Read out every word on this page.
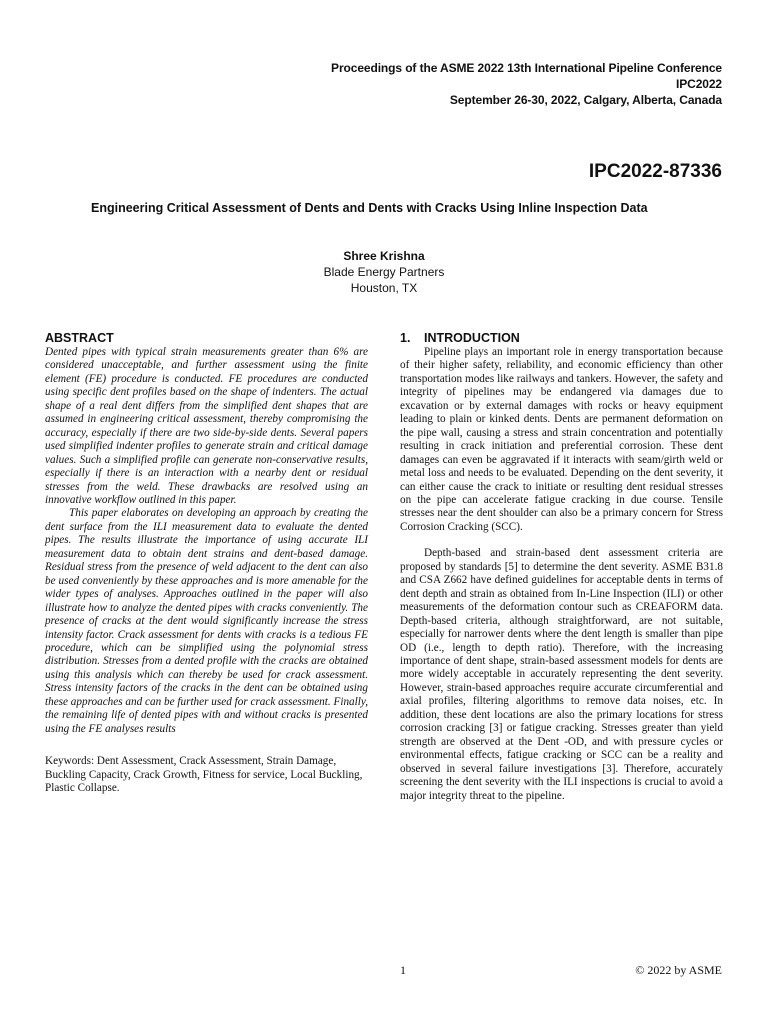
Proceedings of the ASME 2022 13th International Pipeline Conference
IPC2022
September 26-30, 2022, Calgary, Alberta, Canada
IPC2022-87336
Engineering Critical Assessment of Dents and Dents with Cracks Using Inline Inspection Data
Shree Krishna
Blade Energy Partners
Houston, TX
ABSTRACT

Dented pipes with typical strain measurements greater than 6% are considered unacceptable, and further assessment using the finite element (FE) procedure is conducted. FE procedures are conducted using specific dent profiles based on the shape of indenters. The actual shape of a real dent differs from the simplified dent shapes that are assumed in engineering critical assessment, thereby compromising the accuracy, especially if there are two side-by-side dents. Several papers used simplified indenter profiles to generate strain and critical damage values. Such a simplified profile can generate non-conservative results, especially if there is an interaction with a nearby dent or residual stresses from the weld. These drawbacks are resolved using an innovative workflow outlined in this paper.

This paper elaborates on developing an approach by creating the dent surface from the ILI measurement data to evaluate the dented pipes. The results illustrate the importance of using accurate ILI measurement data to obtain dent strains and dent-based damage. Residual stress from the presence of weld adjacent to the dent can also be used conveniently by these approaches and is more amenable for the wider types of analyses. Approaches outlined in the paper will also illustrate how to analyze the dented pipes with cracks conveniently. The presence of cracks at the dent would significantly increase the stress intensity factor. Crack assessment for dents with cracks is a tedious FE procedure, which can be simplified using the polynomial stress distribution. Stresses from a dented profile with the cracks are obtained using this analysis which can thereby be used for crack assessment. Stress intensity factors of the cracks in the dent can be obtained using these approaches and can be further used for crack assessment. Finally, the remaining life of dented pipes with and without cracks is presented using the FE analyses results

Keywords: Dent Assessment, Crack Assessment, Strain Damage, Buckling Capacity, Crack Growth, Fitness for service, Local Buckling, Plastic Collapse.

1. INTRODUCTION

Pipeline plays an important role in energy transportation because of their higher safety, reliability, and economic efficiency than other transportation modes like railways and tankers. However, the safety and integrity of pipelines may be endangered via damages due to excavation or by external damages with rocks or heavy equipment leading to plain or kinked dents. Dents are permanent deformation on the pipe wall, causing a stress and strain concentration and potentially resulting in crack initiation and preferential corrosion. These dent damages can even be aggravated if it interacts with seam/girth weld or metal loss and needs to be evaluated. Depending on the dent severity, it can either cause the crack to initiate or resulting dent residual stresses on the pipe can accelerate fatigue cracking in due course. Tensile stresses near the dent shoulder can also be a primary concern for Stress Corrosion Cracking (SCC).

Depth-based and strain-based dent assessment criteria are proposed by standards [5] to determine the dent severity. ASME B31.8 and CSA Z662 have defined guidelines for acceptable dents in terms of dent depth and strain as obtained from In-Line Inspection (ILI) or other measurements of the deformation contour such as CREAFORM data. Depth-based criteria, although straightforward, are not suitable, especially for narrower dents where the dent length is smaller than pipe OD (i.e., length to depth ratio). Therefore, with the increasing importance of dent shape, strain-based assessment models for dents are more widely acceptable in accurately representing the dent severity. However, strain-based approaches require accurate circumferential and axial profiles, filtering algorithms to remove data noises, etc. In addition, these dent locations are also the primary locations for stress corrosion cracking [3] or fatigue cracking. Stresses greater than yield strength are observed at the Dent -OD, and with pressure cycles or environmental effects, fatigue cracking or SCC can be a reality and observed in several failure investigations [3]. Therefore, accurately screening the dent severity with the ILI inspections is crucial to avoid a major integrity threat to the pipeline.

1	© 2022 by ASME
